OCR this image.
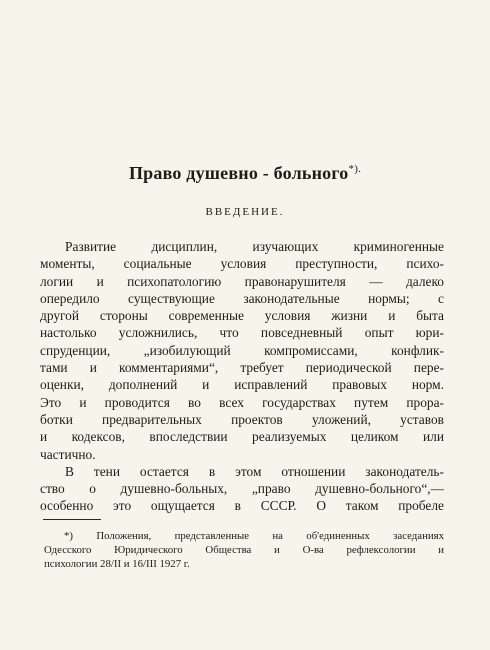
Право душевно - больного*).
ВВЕДЕНИЕ.
Развитие дисциплин, изучающих криминогенные
моменты, социальные условия преступности, психо-
логии и психопатологию правонарушителя — далеко
опередило существующие законодательные нормы; с
другой стороны современные условия жизни и быта
настолько усложнились, что повседневный опыт юри-
спруденции, „изобилующий компромиссами, конфлик-
тами и комментариями“, требует периодической пере-
оценки, дополнений и исправлений правовых норм.
Это и проводится во всех государствах путем прора-
ботки предварительных проектов уложений, уставов
и кодексов, впоследствии реализуемых целиком или
частично.
В тени остается в этом отношении законодатель-
ство о душевно-больных, „право душевно-больного“,—
особенно это ощущается в СССР. О таком пробеле
*) Положения, представленные на об'единенных заседаниях
Одесского Юридического Общества и О-ва рефлексологии и
психологии 28/II и 16/III 1927 г.
